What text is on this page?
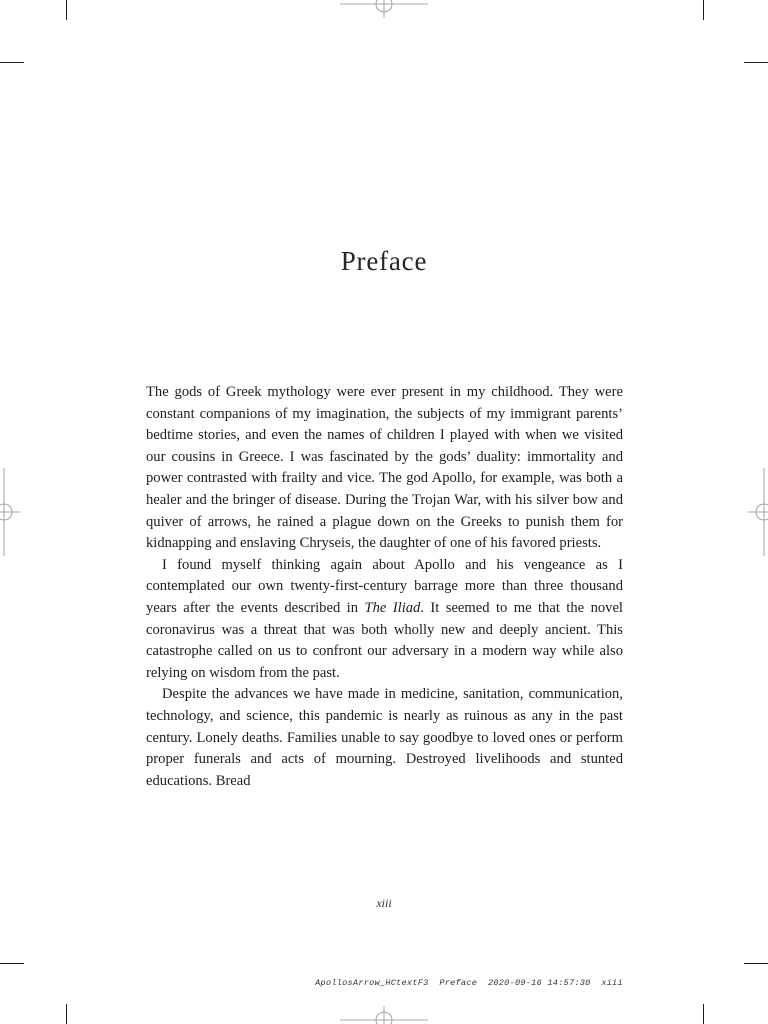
Preface

The gods of Greek mythology were ever present in my childhood. They were constant companions of my imagination, the subjects of my immigrant parents’ bedtime stories, and even the names of children I played with when we visited our cousins in Greece. I was fascinated by the gods’ duality: immortality and power contrasted with frailty and vice. The god Apollo, for example, was both a healer and the bringer of disease. During the Trojan War, with his silver bow and quiver of arrows, he rained a plague down on the Greeks to punish them for kidnapping and enslaving Chryseis, the daughter of one of his favored priests.

I found myself thinking again about Apollo and his vengeance as I contemplated our own twenty-first-century barrage more than three thousand years after the events described in The Iliad. It seemed to me that the novel coronavirus was a threat that was both wholly new and deeply ancient. This catastrophe called on us to confront our adversary in a modern way while also relying on wisdom from the past.

Despite the advances we have made in medicine, sanitation, communication, technology, and science, this pandemic is nearly as ruinous as any in the past century. Lonely deaths. Families unable to say goodbye to loved ones or perform proper funerals and acts of mourning. Destroyed livelihoods and stunted educations. Bread

xiii
ApollosArrow_HCtextF3  Preface  2020-09-16 14:57:30  xiii
